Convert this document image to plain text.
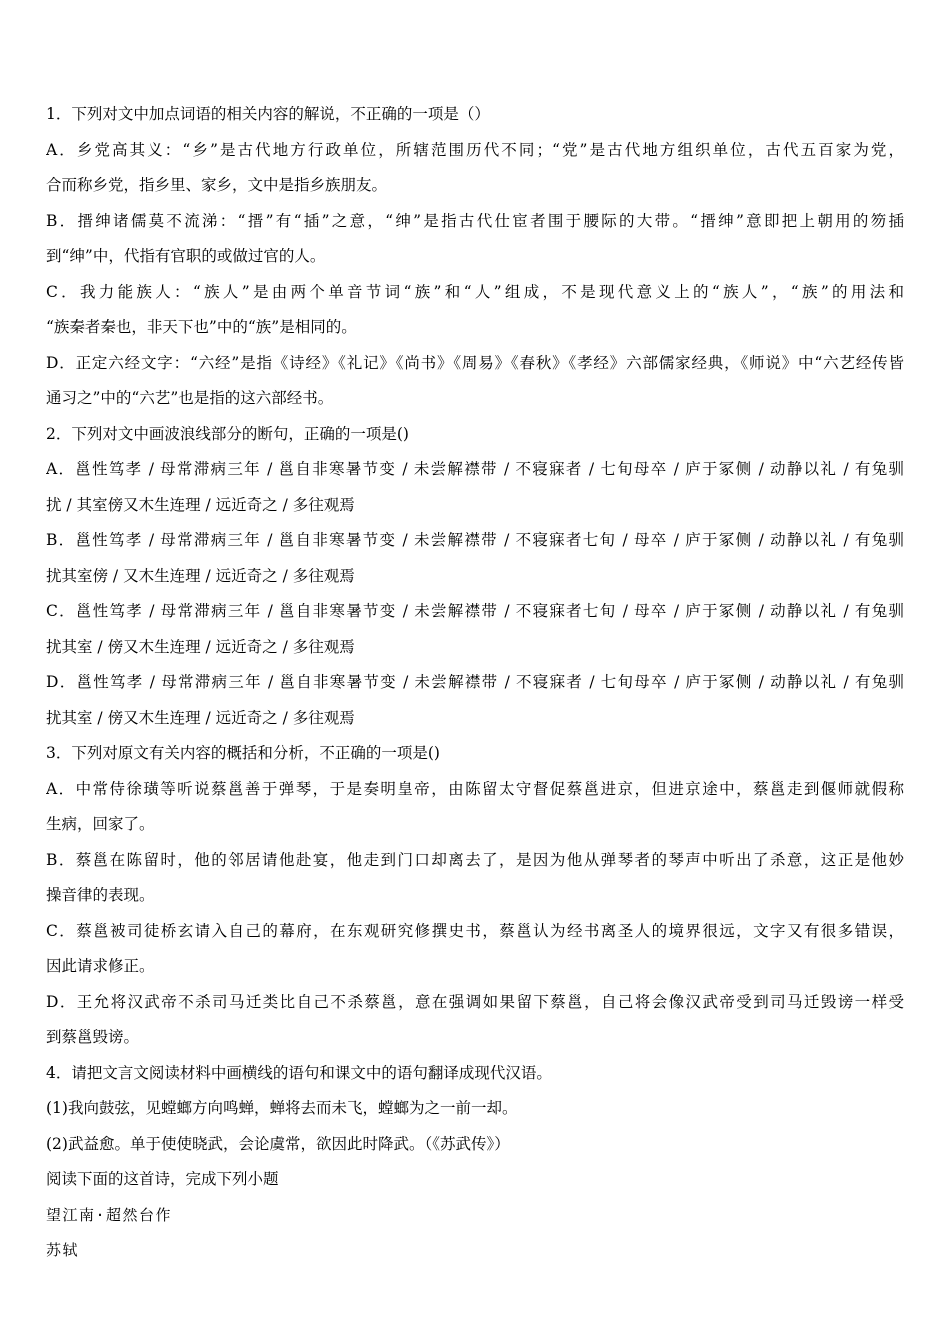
1．下列对文中加点词语的相关内容的解说，不正确的一项是（）
A．乡党高其义：“乡”是古代地方行政单位，所辖范围历代不同；“党”是古代地方组织单位，古代五百家为党，
合而称乡党，指乡里、家乡，文中是指乡族朋友。
B．搢绅诸儒莫不流涕：“搢”有“插”之意，“绅”是指古代仕宦者围于腰际的大带。“搢绅”意即把上朝用的笏插
到“绅”中，代指有官职的或做过官的人。
C．我力能族人：“族人”是由两个单音节词“族”和“人”组成，不是现代意义上的“族人”，“族”的用法和
“族秦者秦也，非天下也”中的“族”是相同的。
D．正定六经文字：“六经”是指《诗经》《礼记》《尚书》《周易》《春秋》《孝经》六部儒家经典，《师说》中“六艺经传皆
通习之”中的“六艺”也是指的这六部经书。
2．下列对文中画波浪线部分的断句，正确的一项是()
A．邕性笃孝 / 母常滞病三年 / 邕自非寒暑节变 / 未尝解襟带 / 不寝寐者 / 七旬母卒 / 庐于冢侧 / 动静以礼 / 有兔驯
扰 / 其室傍又木生连理 / 远近奇之 / 多往观焉
B．邕性笃孝 / 母常滞病三年 / 邕自非寒暑节变 / 未尝解襟带 / 不寝寐者七旬 / 母卒 / 庐于冢侧 / 动静以礼 / 有兔驯
扰其室傍 / 又木生连理 / 远近奇之 / 多往观焉
C．邕性笃孝 / 母常滞病三年 / 邕自非寒暑节变 / 未尝解襟带 / 不寝寐者七旬 / 母卒 / 庐于冢侧 / 动静以礼 / 有兔驯
扰其室 / 傍又木生连理 / 远近奇之 / 多往观焉
D．邕性笃孝 / 母常滞病三年 / 邕自非寒暑节变 / 未尝解襟带 / 不寝寐者 / 七旬母卒 / 庐于冢侧 / 动静以礼 / 有兔驯
扰其室 / 傍又木生连理 / 远近奇之 / 多往观焉
3．下列对原文有关内容的概括和分析，不正确的一项是()
A．中常侍徐璜等听说蔡邕善于弹琴，于是奏明皇帝，由陈留太守督促蔡邕进京，但进京途中，蔡邕走到偃师就假称
生病，回家了。
B．蔡邕在陈留时，他的邻居请他赴宴，他走到门口却离去了，是因为他从弹琴者的琴声中听出了杀意，这正是他妙
操音律的表现。
C．蔡邕被司徒桥玄请入自己的幕府，在东观研究修撰史书，蔡邕认为经书离圣人的境界很远，文字又有很多错误，
因此请求修正。
D．王允将汉武帝不杀司马迁类比自己不杀蔡邕，意在强调如果留下蔡邕，自己将会像汉武帝受到司马迁毁谤一样受
到蔡邕毁谤。
4．请把文言文阅读材料中画横线的语句和课文中的语句翻译成现代汉语。
(1)我向鼓弦，见螳螂方向鸣蝉，蝉将去而未飞，螳螂为之一前一却。
(2)武益愈。单于使使晓武，会论虞常，欲因此时降武。（《苏武传》）
阅读下面的这首诗，完成下列小题
望江南·超然台作
苏轼
